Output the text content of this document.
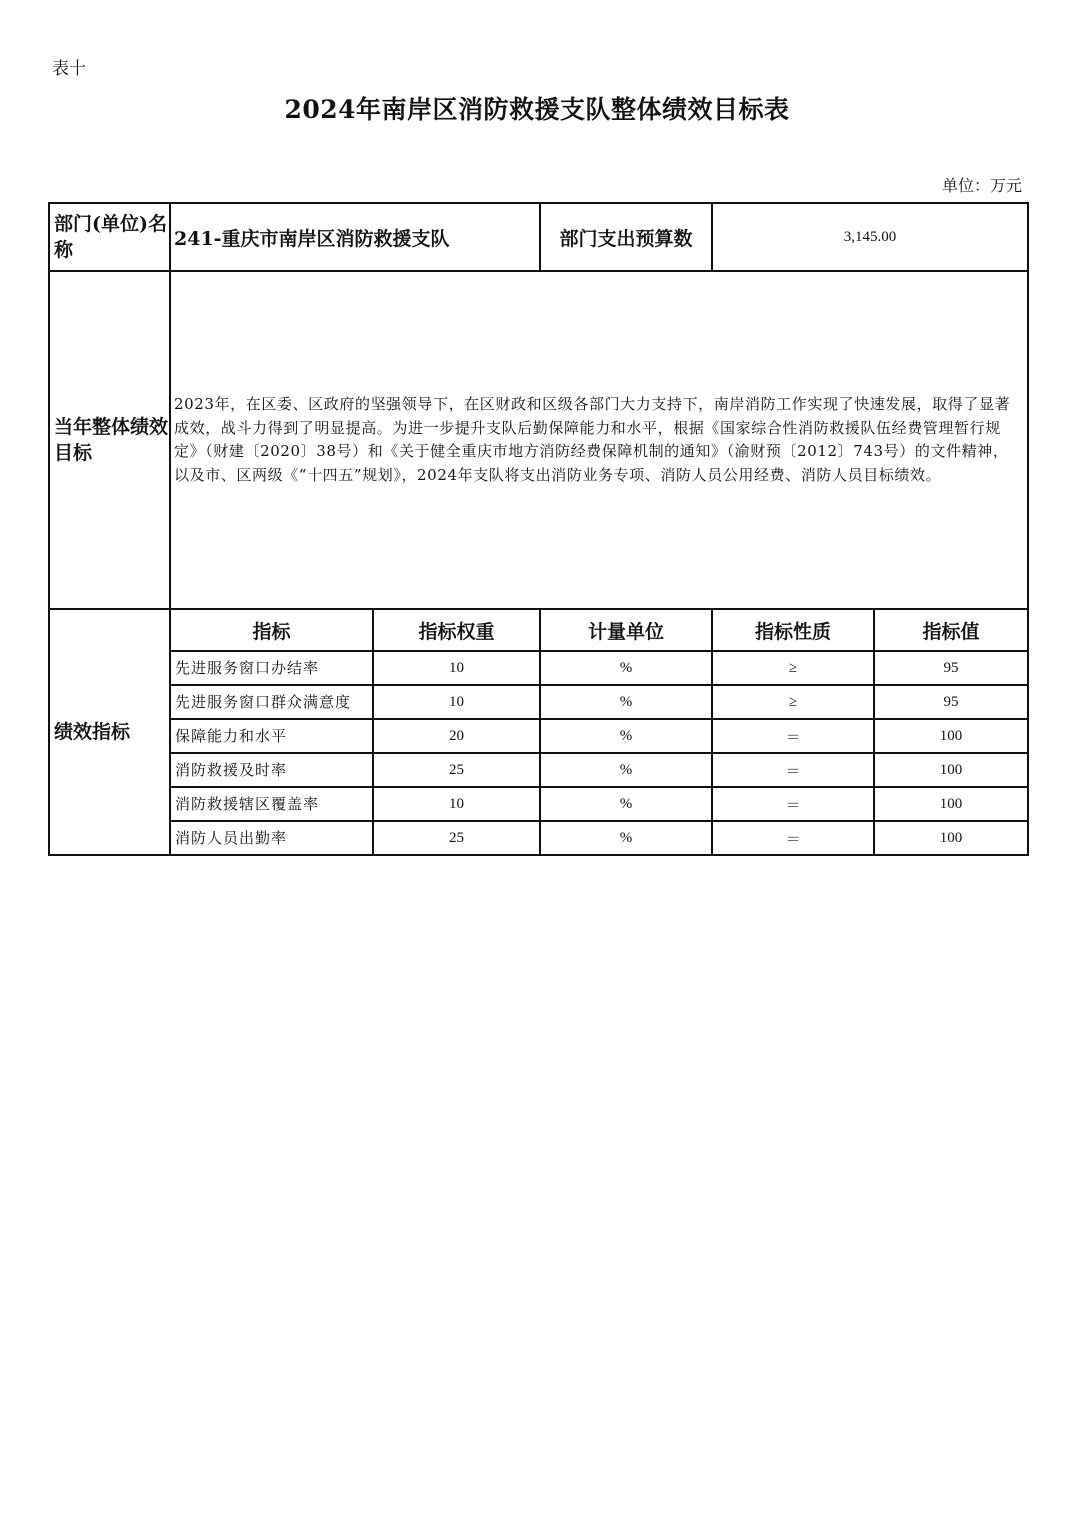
表十
2024年南岸区消防救援支队整体绩效目标表
单位：万元
部门(单位)名称	241-重庆市南岸区消防救援支队		部门支出预算数	3,145.00	
当年整体绩效目标	2023年，在区委、区政府的坚强领导下，在区财政和区级各部门大力支持下，南岸消防工作实现了快速发展，取得了显著成效，战斗力得到了明显提高。为进一步提升支队后勤保障能力和水平，根据《国家综合性消防救援队伍经费管理暂行规定》（财建〔2020〕38号）和《关于健全重庆市地方消防经费保障机制的通知》（渝财预〔2012〕743号）的文件精神，以及市、区两级《“十四五”规划》，2024年支队将支出消防业务专项、消防人员公用经费、消防人员目标绩效。				
绩效指标	指标	指标权重	计量单位	指标性质	指标值

	先进服务窗口办结率	10	%	≥	95

	先进服务窗口群众满意度	10	%	≥	95

	保障能力和水平	20	%	＝	100

	消防救援及时率	25	%	＝	100

	消防救援辖区覆盖率	10	%	＝	100

	消防人员出勤率	25	%	＝	100
